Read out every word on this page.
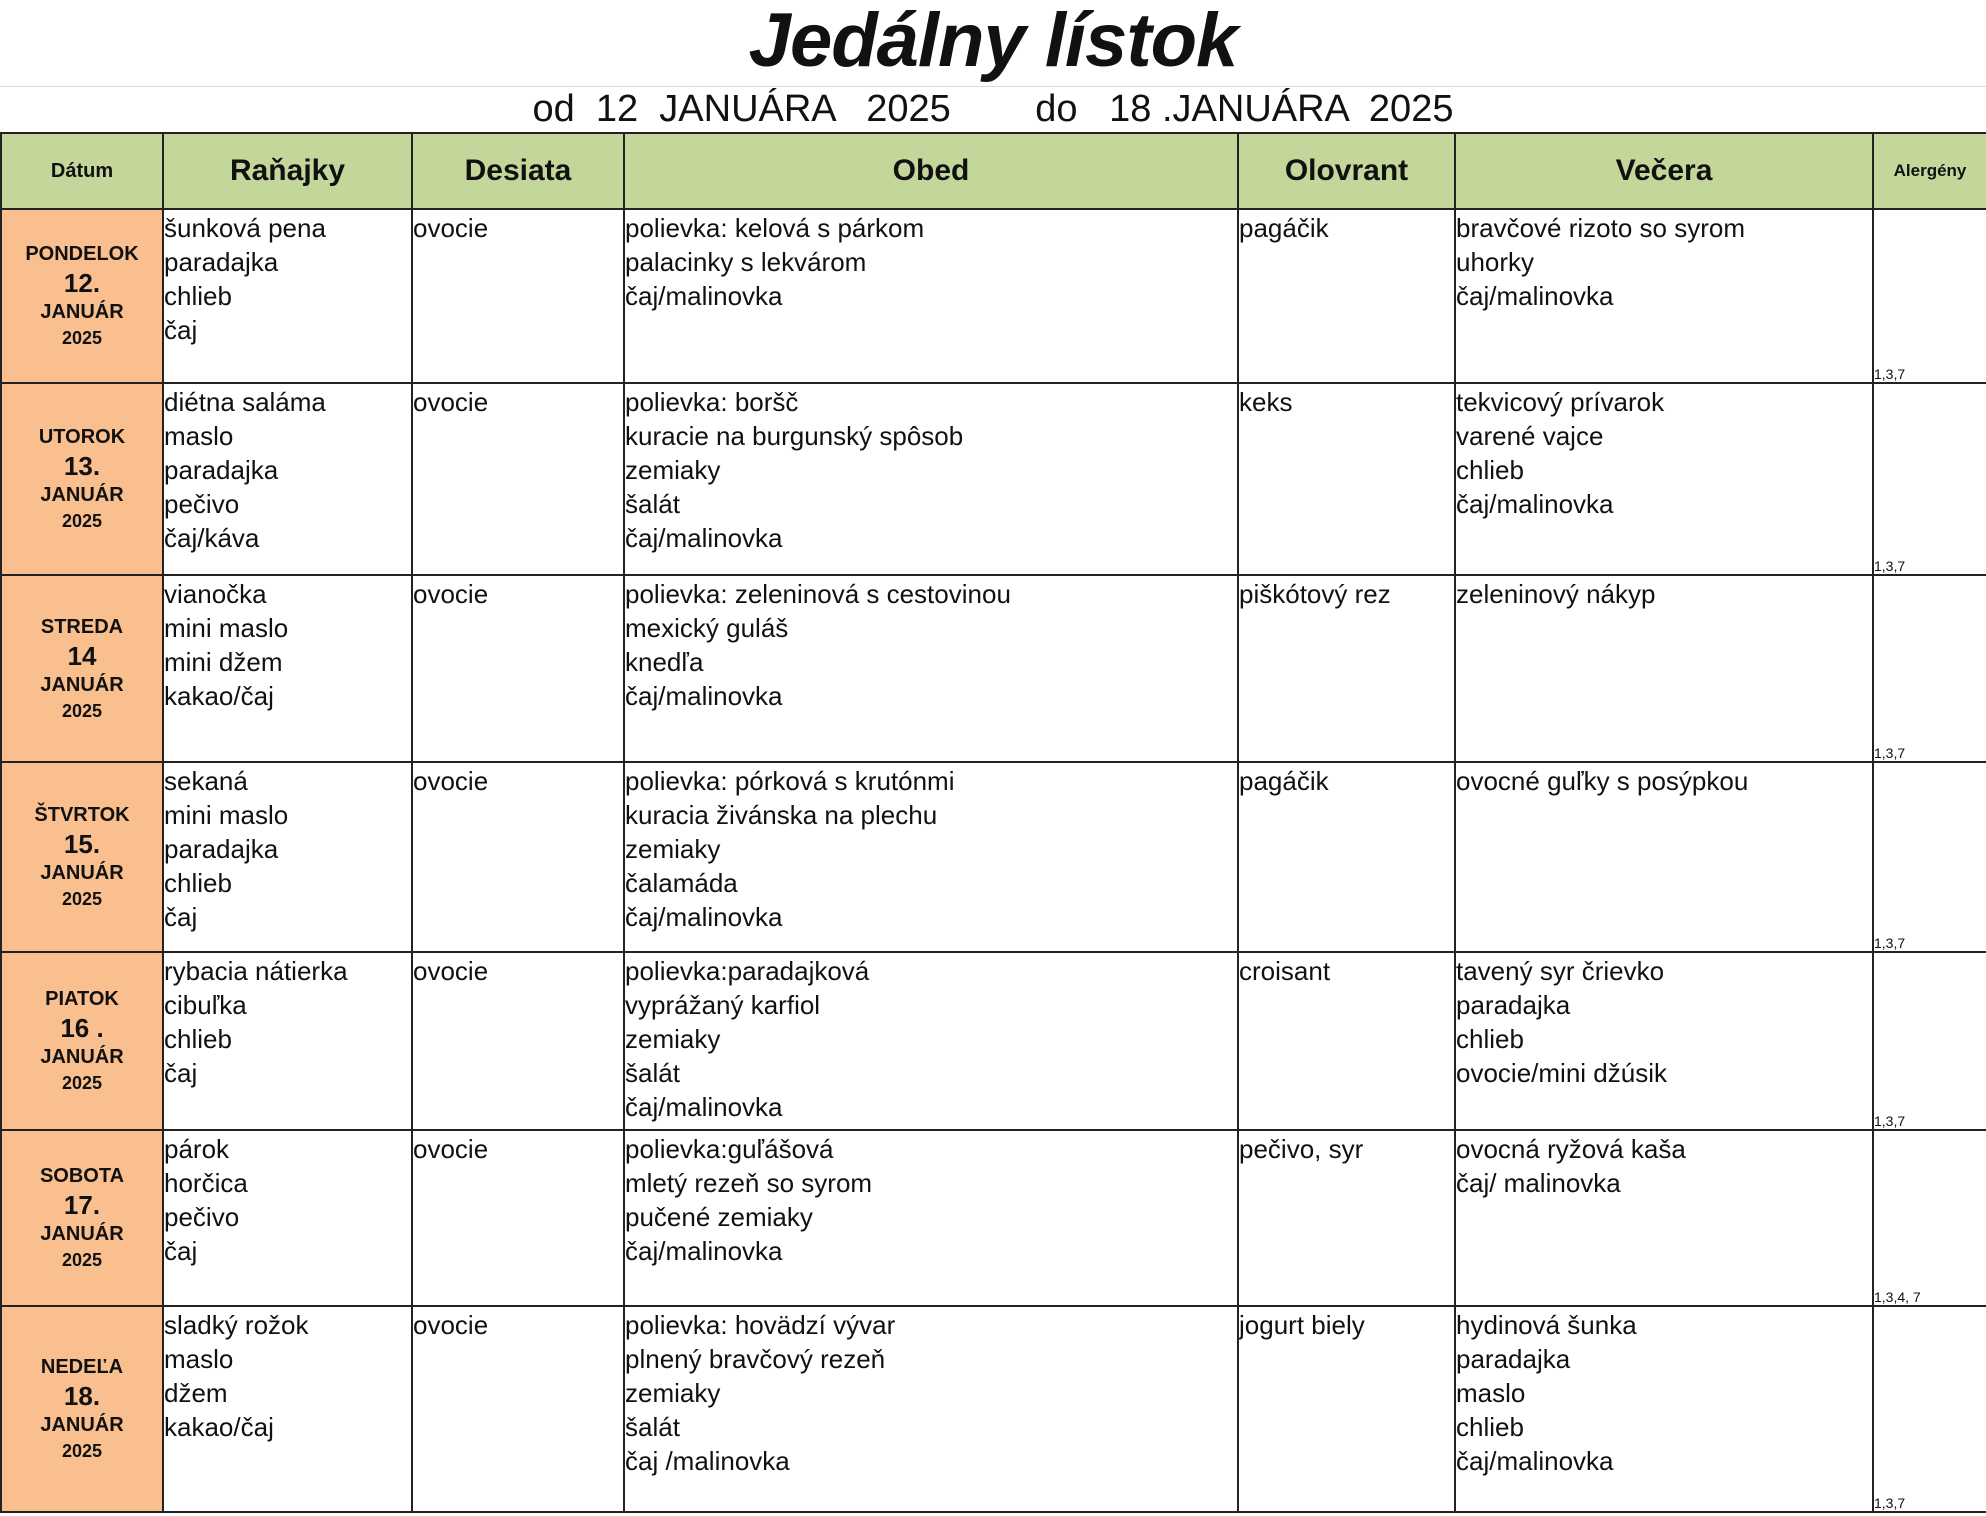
Jedálny lístok
od  12  JANUÁRA   2025        do   18 .JANUÁRA  2025
Dátum	Raňajky	Desiata	Obed	Olovrant	Večera	Alergény

PONDELOK
12.
JANUÁR
2025	šunková pena
paradajka
chlieb
čaj	ovocie	polievka: kelová s párkom
palacinky s lekvárom
čaj/malinovka	pagáčik	bravčové rizoto so syrom
uhorky
čaj/malinovka	1,3,7

UTOROK
13.
JANUÁR
2025	diétna saláma
maslo
paradajka
pečivo
čaj/káva	ovocie	polievka: boršč
kuracie na burgunský spôsob
zemiaky
šalát
čaj/malinovka	keks	tekvicový prívarok
varené vajce
chlieb
čaj/malinovka	1,3,7

STREDA
14
JANUÁR
2025	vianočka
mini maslo
mini džem
kakao/čaj	ovocie	polievka: zeleninová s cestovinou
mexický guláš
knedľa
čaj/malinovka	piškótový rez	zeleninový nákyp	1,3,7

ŠTVRTOK
15.
JANUÁR
2025	sekaná
mini maslo
paradajka
chlieb
čaj	ovocie	polievka: pórková s krutónmi
kuracia živánska na plechu
zemiaky
čalamáda
čaj/malinovka	pagáčik	ovocné guľky s posýpkou	1,3,7

PIATOK
16 .
JANUÁR
2025	rybacia nátierka
cibuľka
chlieb
čaj	ovocie	polievka:paradajková
vyprážaný karfiol
zemiaky
šalát
čaj/malinovka	croisant	tavený syr črievko
paradajka
chlieb
ovocie/mini džúsik	1,3,7

SOBOTA
17.
JANUÁR
2025	párok
horčica
pečivo
čaj	ovocie	polievka:guľášová
mletý rezeň so syrom
pučené zemiaky
čaj/malinovka	pečivo, syr	ovocná ryžová kaša
čaj/ malinovka	1,3,4, 7

NEDEĽA
18.
JANUÁR
2025	sladký rožok
maslo
džem
kakao/čaj	ovocie	polievka: hovädzí vývar
plnený bravčový rezeň
zemiaky
šalát
čaj /malinovka	jogurt biely	hydinová šunka
paradajka
maslo
chlieb
čaj/malinovka	1,3,7
